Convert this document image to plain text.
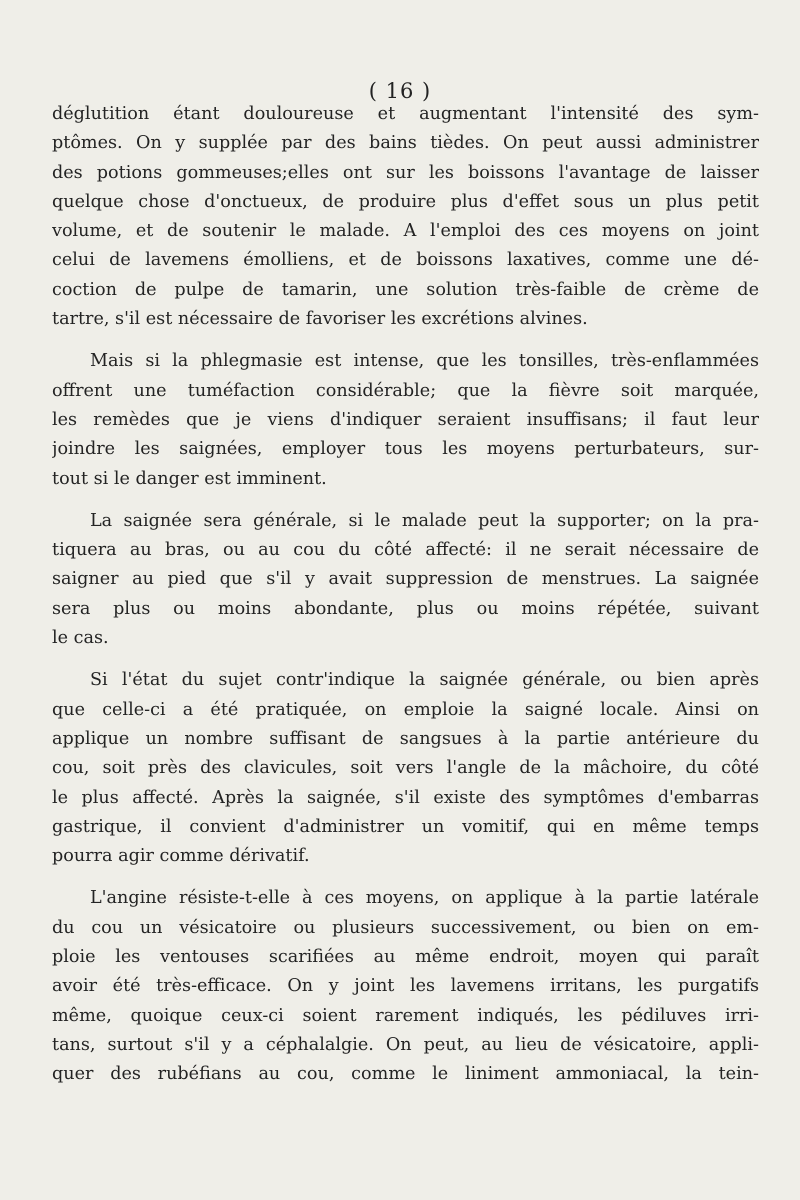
( 16 )
déglutition étant douloureuse et augmentant l'intensité des sym-
ptômes. On y supplée par des bains tièdes. On peut aussi administrer
des potions gommeuses;elles ont sur les boissons l'avantage de laisser
quelque chose d'onctueux, de produire plus d'effet sous un plus petit
volume, et de soutenir le malade. A l'emploi des ces moyens on joint
celui de lavemens émolliens, et de boissons laxatives, comme une dé-
coction de pulpe de tamarin, une solution très-faible de crème de
tartre, s'il est nécessaire de favoriser les excrétions alvines.
Mais si la phlegmasie est intense, que les tonsilles, très-enflammées
offrent une tuméfaction considérable; que la fièvre soit marquée,
les remèdes que je viens d'indiquer seraient insuffisans; il faut leur
joindre les saignées, employer tous les moyens perturbateurs, sur-
tout si le danger est imminent.
La saignée sera générale, si le malade peut la supporter; on la pra-
tiquera au bras, ou au cou du côté affecté: il ne serait nécessaire de
saigner au pied que s'il y avait suppression de menstrues. La saignée
sera plus ou moins abondante, plus ou moins répétée, suivant
le cas.
Si l'état du sujet contr'indique la saignée générale, ou bien après
que celle-ci a été pratiquée, on emploie la saigné locale. Ainsi on
applique un nombre suffisant de sangsues à la partie antérieure du
cou, soit près des clavicules, soit vers l'angle de la mâchoire, du côté
le plus affecté. Après la saignée, s'il existe des symptômes d'embarras
gastrique, il convient d'administrer un vomitif, qui en même temps
pourra agir comme dérivatif.
L'angine résiste-t-elle à ces moyens, on applique à la partie latérale
du cou un vésicatoire ou plusieurs successivement, ou bien on em-
ploie les ventouses scarifiées au même endroit, moyen qui paraît
avoir été très-efficace. On y joint les lavemens irritans, les purgatifs
même, quoique ceux-ci soient rarement indiqués, les pédiluves irri-
tans, surtout s'il y a céphalalgie. On peut, au lieu de vésicatoire, appli-
quer des rubéfians au cou, comme le liniment ammoniacal, la tein-
